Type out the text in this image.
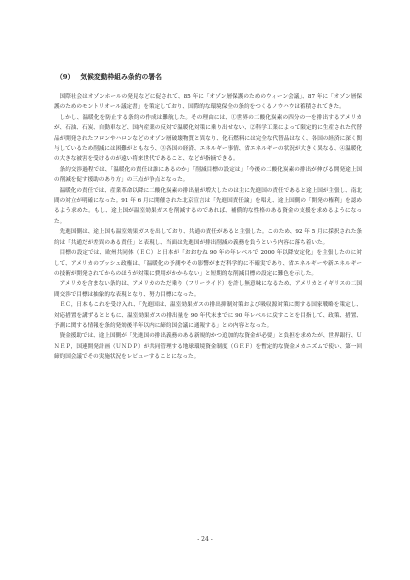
（9） 気候変動枠組み条約の署名

国際社会はオゾンホールの発見などに促されて、85 年に「オゾン層保護のためのウィーン会議」、87 年に「オゾン層保護のためのモントリオール議定書」を策定しており、国際的な環境保全の条約をつくるノウハウは蓄積されてきた。

しかし、温暖化を防止する条約の作成は難航した。その理由には、①世界の二酸化炭素の四分の一を排出するアメリカが、石油、石炭、自動車など、国内産業の反対で温暖化対策に乗り出せない、②科学工業によって限定的に生産された代替品が開発されたフロンやハロンなどのオゾン層破壊物質と異なり、化石燃料には完全な代替品はなく、各国の経済に深く関与しているため削減には困難がともなう、③各国の経済、エネルギー事情、省エネルギーの状況が大きく異なる、④温暖化の大きな被害を受けるのが遠い将来世代であること、などが指摘できる。

条約交渉過程では、「温暖化の責任は誰にあるのか」「削減目標の設定は」「今後の二酸化炭素の排出が伸びる開発途上国の削減を促す援助のあり方」の三点が争点となった。

温暖化の責任では、産業革命以降に二酸化炭素の排出量が増大したのは主に先進国の責任であると途上国が主張し、南北間の対立が明確になった。91 年 6 月に開催された北京宣言は「先進国責任論」を唱え、途上国側の「開発の権利」を認めるよう求めた。もし、途上国が温室効果ガスを削減するのであれば、補償的な性格のある資金の支援を求めるようになった。

先進国側は、途上国も温室効果ガスを出しており、共通の責任があると主張した。このため、92 年 5 月に採択された条約は「共通だが差異のある責任」と表現し、当面は先進国が排出削減の義務を負うという内容に落ち着いた。

目標の設定では、欧州共同体（ＥＣ）と日本が「おおむね 90 年の年レベルで 2000 年以降安定化」を主張したのに対して、アメリカのブッシュ政権は、「温暖化の予測やその影響がまだ科学的に不確実であり、省エネルギーや新エネルギーの技術が開発されてからのほうが対策に費用がかからない」と短期的な削減目標の設定に難色を示した。

アメリカを含まない条約は、アメリカのただ乗り（フリーライド）を許し無意味になるため、アメリカとイギリスの二国間交渉で目標は抽象的な表現となり、努力目標になった。

ＥＣ，日本もこれを受け入れ、「先進国は、温室効果ガスの排出抑制対策および吸収源対策に関する国家戦略を策定し、対応措置を講ずるとともに、温室効果ガスの排出量を 90 年代末までに 90 年レベルに戻すことを目指して、政策、措置、予測に関する情報を条約発効後半年以内に締約国会議に通報する」との内容となった。

資金援助では、途上国側が「先進国の排出義務のある新規的かつ追加的な資金が必要」と負担を求めたが、世界銀行、ＵＮＥＰ，国連開発計画（ＵＮＤＰ）が共同管理する地球環境資金制度（ＧＥＦ）を暫定的な資金メカニズムで使い、第一回締約国会議でその実施状況をレビューすることになった。

- 24 -
